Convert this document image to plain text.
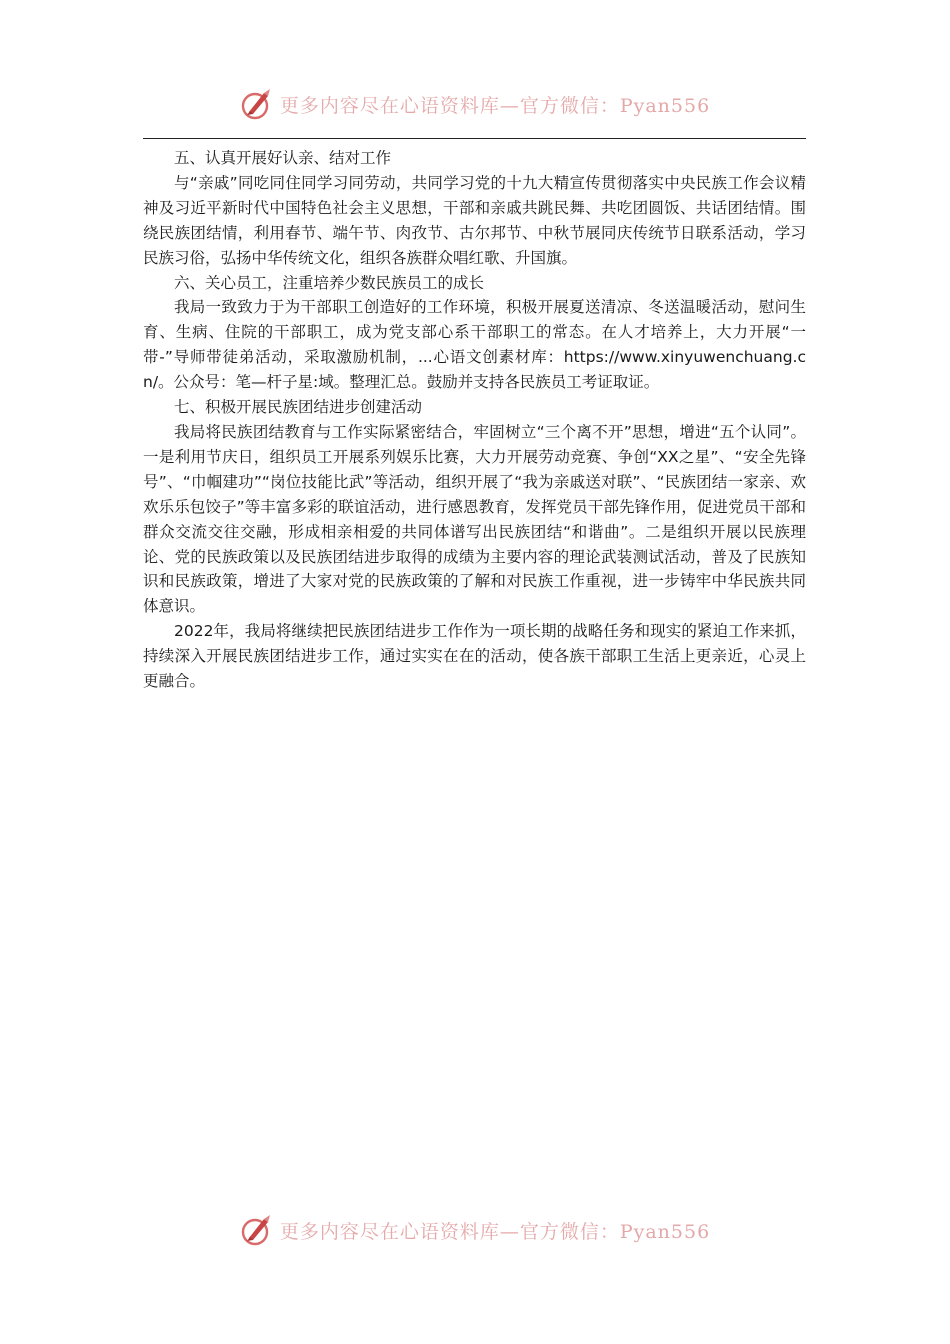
更多内容尽在心语资料库—官方微信：Pyan556

五、认真开展好认亲、结对工作

与“亲戚”同吃同住同学习同劳动，共同学习党的十九大精宣传贯彻落实中央民族工作会议精神及习近平新时代中国特色社会主义思想，干部和亲戚共跳民舞、共吃团圆饭、共话团结情。围绕民族团结情，利用春节、端午节、肉孜节、古尔邦节、中秋节展同庆传统节日联系活动，学习民族习俗，弘扬中华传统文化，组织各族群众唱红歌、升国旗。

六、关心员工，注重培养少数民族员工的成长

我局一致致力于为干部职工创造好的工作环境，积极开展夏送清凉、冬送温暖活动，慰问生育、生病、住院的干部职工，成为党支部心系干部职工的常态。在人才培养上，大力开展“一带-”导师带徒弟活动，采取激励机制，...心语文创素材库：https://www.xinyuwenchuang.cn/。公众号：笔—杆子星:域。整理汇总。鼓励并支持各民族员工考证取证。

七、积极开展民族团结进步创建活动

我局将民族团结教育与工作实际紧密结合，牢固树立“三个离不开”思想，增进“五个认同”。一是利用节庆日，组织员工开展系列娱乐比赛，大力开展劳动竞赛、争创“XX之星”、“安全先锋号”、“巾帼建功”“岗位技能比武”等活动，组织开展了“我为亲戚送对联”、“民族团结一家亲、欢欢乐乐包饺子”等丰富多彩的联谊活动，进行感恩教育，发挥党员干部先锋作用，促进党员干部和群众交流交往交融，形成相亲相爱的共同体谱写出民族团结“和谐曲”。二是组织开展以民族理论、党的民族政策以及民族团结进步取得的成绩为主要内容的理论武装测试活动，普及了民族知识和民族政策，增进了大家对党的民族政策的了解和对民族工作重视，进一步铸牢中华民族共同体意识。

2022年，我局将继续把民族团结进步工作作为一项长期的战略任务和现实的紧迫工作来抓，持续深入开展民族团结进步工作，通过实实在在的活动，使各族干部职工生活上更亲近，心灵上更融合。

更多内容尽在心语资料库—官方微信：Pyan556
